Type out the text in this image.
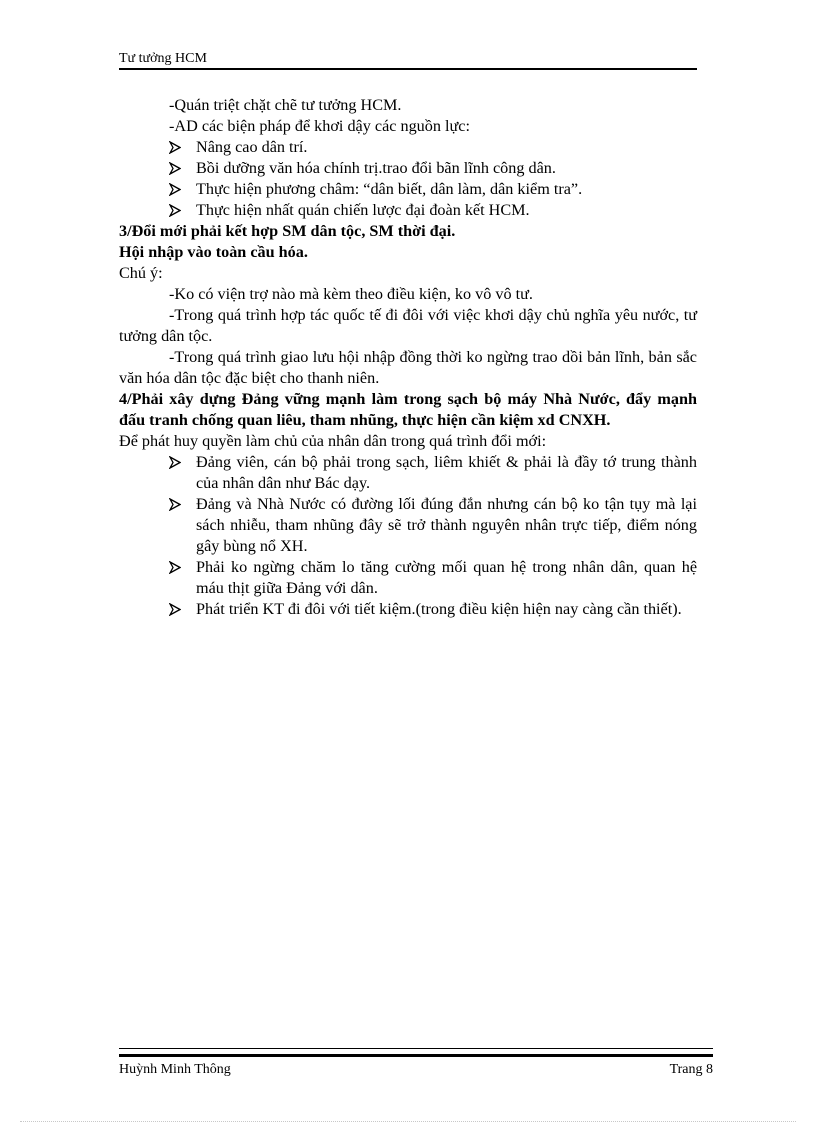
Tư tưởng HCM

-Quán triệt chặt chẽ tư tưởng HCM.

-AD các biện pháp để khơi dậy các nguồn lực:

Nâng cao dân trí.

Bồi dưỡng văn hóa chính trị.trao đổi bãn lĩnh công dân.

Thực hiện phương châm: “dân biết, dân làm, dân kiểm tra”.

Thực hiện nhất quán chiến lược đại đoàn kết HCM.

3/Đổi mới phải kết hợp SM dân tộc, SM thời đại.

Hội nhập vào toàn cầu hóa.

Chú ý:

-Ko có viện trợ nào mà kèm theo điều kiện, ko vô vô tư.

-Trong quá trình hợp tác quốc tế đi đôi với việc khơi dậy chủ nghĩa yêu nước, tư tưởng dân tộc.

-Trong quá trình giao lưu hội nhập đồng thời ko ngừng trao dồi bản lĩnh, bản sắc văn hóa dân tộc đặc biệt cho thanh niên.

4/Phải xây dựng Đảng vững mạnh làm trong sạch bộ máy Nhà Nước, đẩy mạnh đấu tranh chống quan liêu, tham nhũng, thực hiện cần kiệm xd CNXH.

Để phát huy quyền làm chủ của nhân dân trong quá trình đổi mới:

Đảng viên, cán bộ phải trong sạch, liêm khiết & phải là đầy tớ trung thành của nhân dân như Bác dạy.

Đảng và Nhà Nước có đường lối đúng đắn nhưng cán bộ ko tận tụy mà lại sách nhiễu, tham nhũng đây sẽ trở thành nguyên nhân trực tiếp, điểm nóng gây bùng nổ XH.

Phải ko ngừng chăm lo tăng cường mối quan hệ trong nhân dân, quan hệ máu thịt giữa Đảng với dân.

Phát triển KT đi đôi với tiết kiệm.(trong điều kiện hiện nay càng cần thiết).

Huỳnh Minh Thông	Trang 8
